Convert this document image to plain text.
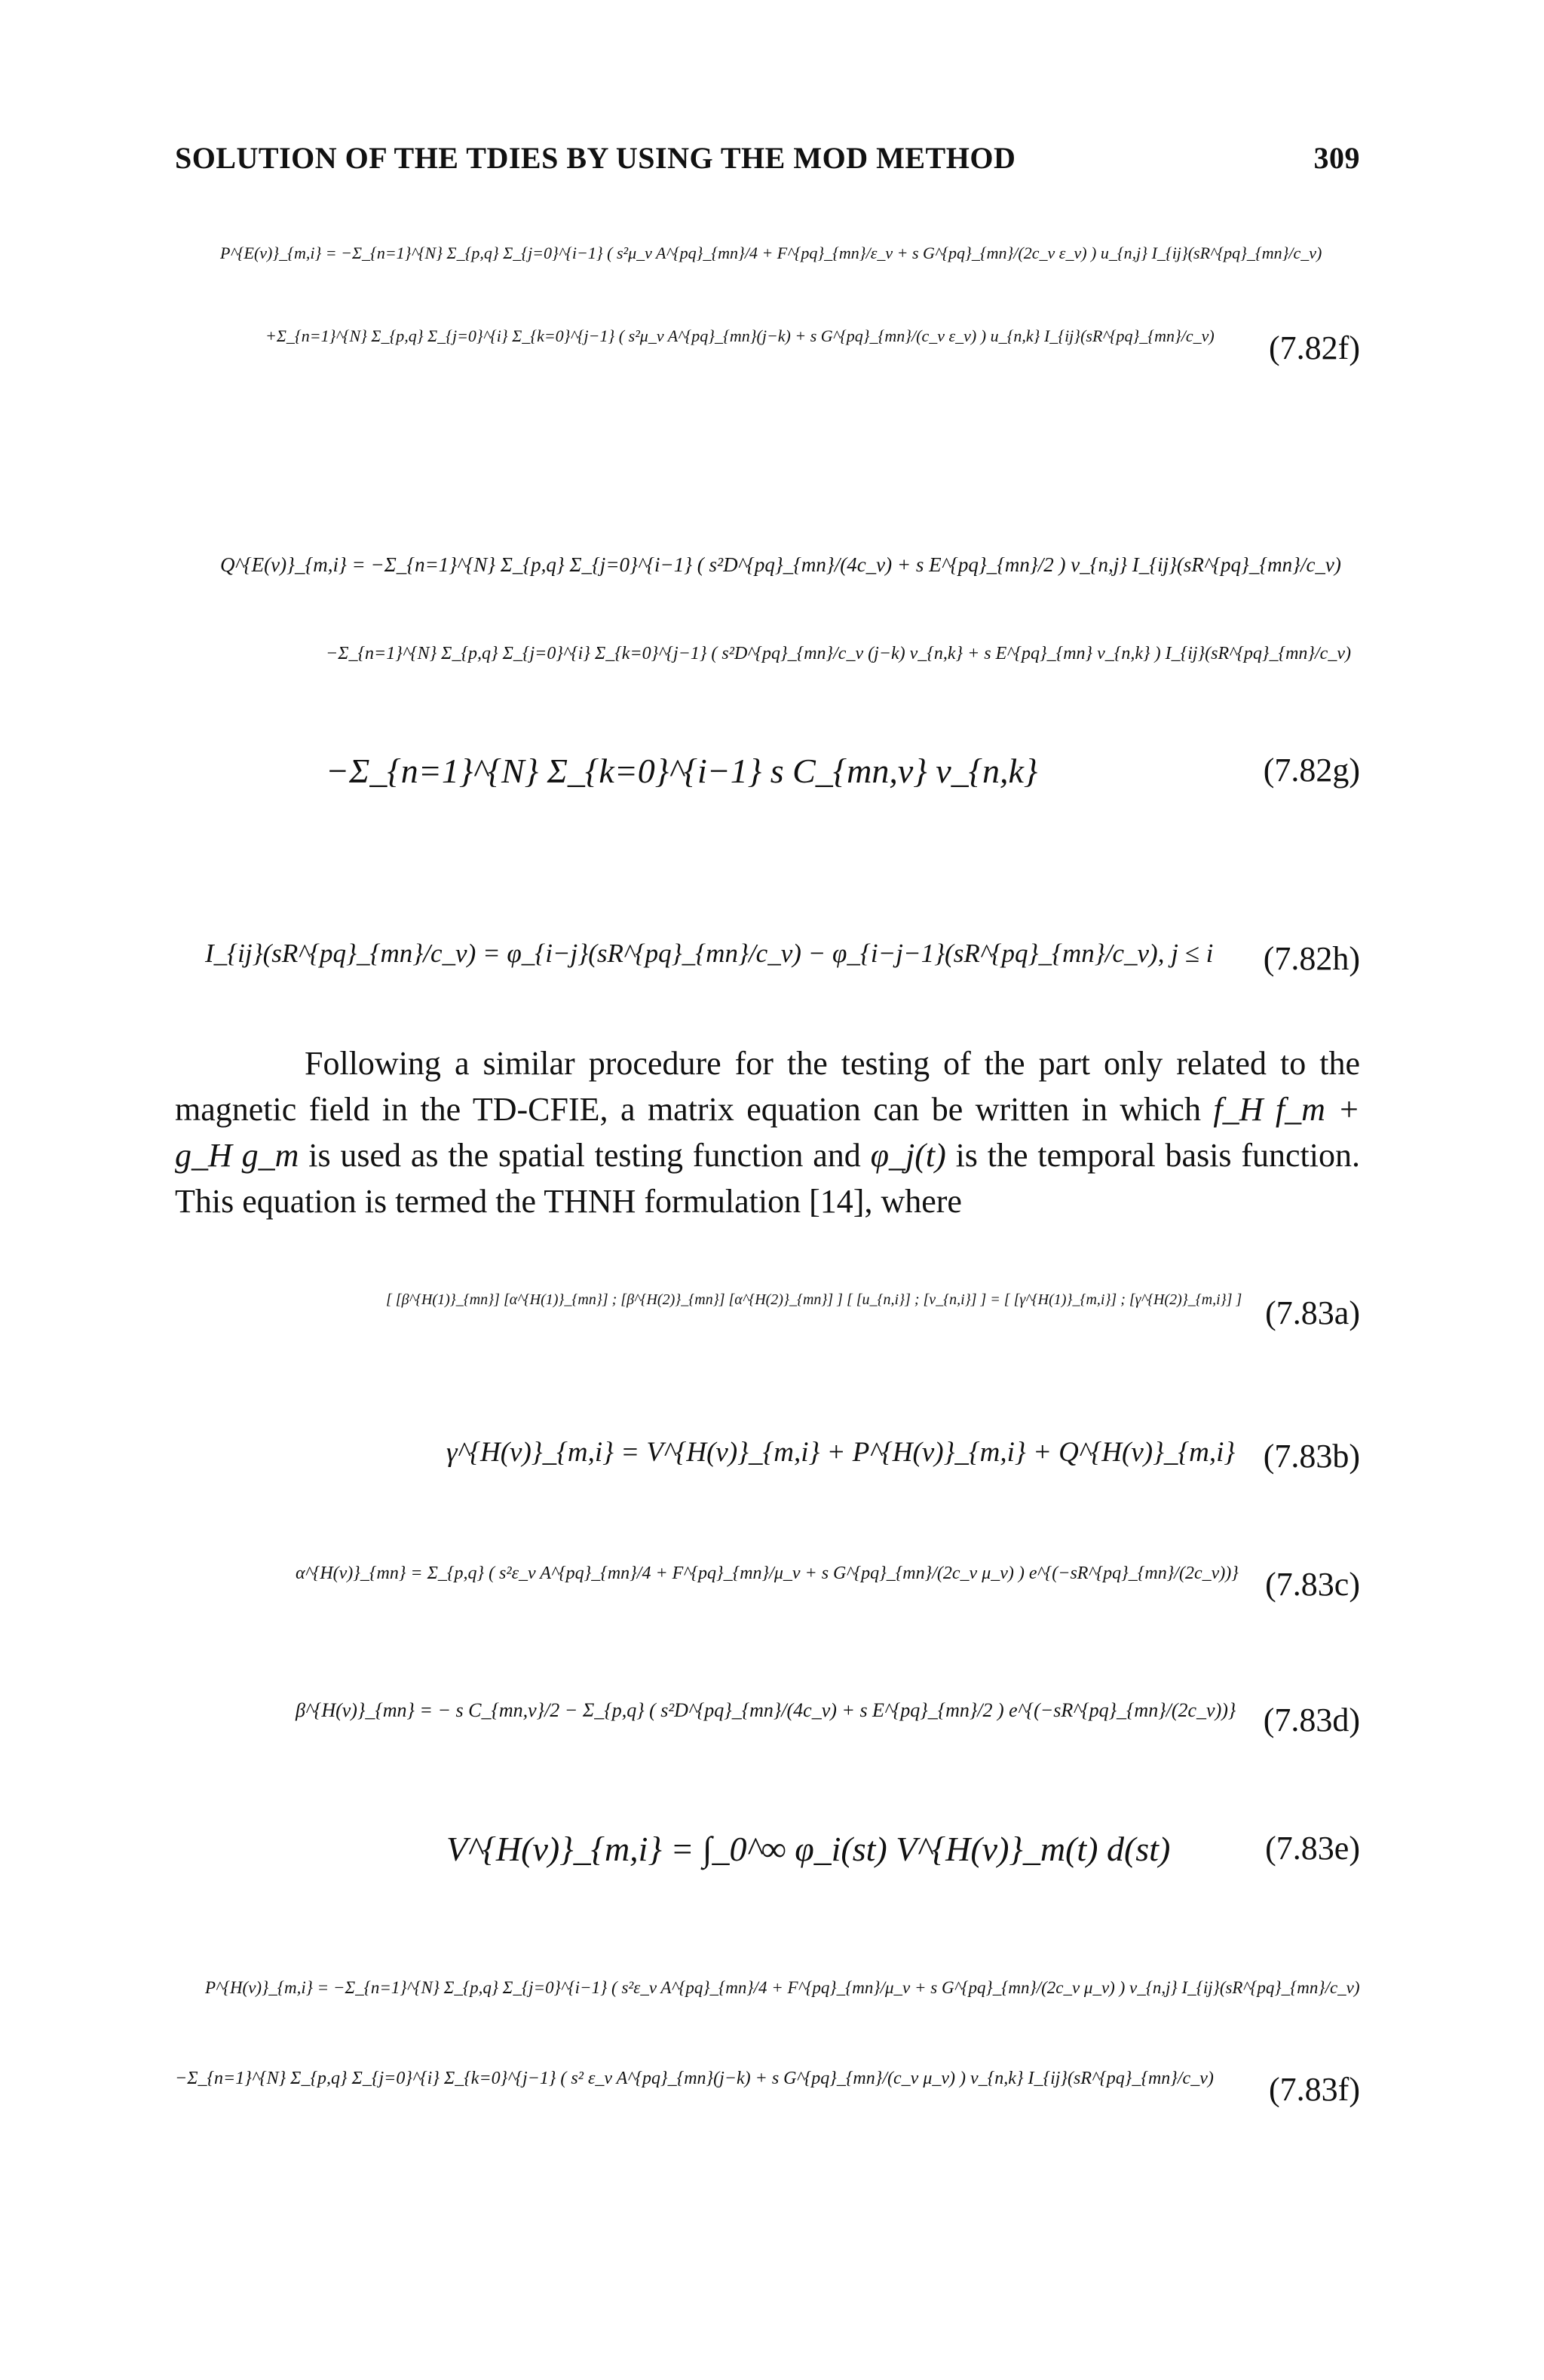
SOLUTION OF THE TDIES BY USING THE MOD METHOD	309
P^{E(v)}_{m,i} = −Σ_{n=1}^{N} Σ_{p,q} Σ_{j=0}^{i−1} ( s²μ_v A^{pq}_{mn}/4 + F^{pq}_{mn}/ε_v + s G^{pq}_{mn}/(2c_v ε_v) ) u_{n,j} I_{ij}(sR^{pq}_{mn}/c_v)
+Σ_{n=1}^{N} Σ_{p,q} Σ_{j=0}^{i} Σ_{k=0}^{j−1} ( s²μ_v A^{pq}_{mn}(j−k) + s G^{pq}_{mn}/(c_v ε_v) ) u_{n,k} I_{ij}(sR^{pq}_{mn}/c_v) (7.82f)
Q^{E(v)}_{m,i} = −Σ_{n=1}^{N} Σ_{p,q} Σ_{j=0}^{i−1} ( s²D^{pq}_{mn}/(4c_v) + s E^{pq}_{mn}/2 ) v_{n,j} I_{ij}(sR^{pq}_{mn}/c_v)
−Σ_{n=1}^{N} Σ_{p,q} Σ_{j=0}^{i} Σ_{k=0}^{j−1} ( s²D^{pq}_{mn}/c_v (j−k) v_{n,k} + s E^{pq}_{mn} v_{n,k} ) I_{ij}(sR^{pq}_{mn}/c_v)
−Σ_{n=1}^{N} Σ_{k=0}^{i−1} s C_{mn,v} v_{n,k}	(7.82g)
I_{ij}(sR^{pq}_{mn}/c_v) = φ_{i−j}(sR^{pq}_{mn}/c_v) − φ_{i−j−1}(sR^{pq}_{mn}/c_v), j ≤ i (7.82h)
Following a similar procedure for the testing of the part only related to the magnetic field in the TD-CFIE, a matrix equation can be written in which f_H f_m + g_H g_m is used as the spatial testing function and φ_j(t) is the temporal basis function. This equation is termed the THNH formulation [14], where
[ [β^{H(1)}_{mn}] [α^{H(1)}_{mn}] ; [β^{H(2)}_{mn}] [α^{H(2)}_{mn}] ] [ [u_{n,i}] ; [v_{n,i}] ] = [ [γ^{H(1)}_{m,i}] ; [γ^{H(2)}_{m,i}] ] (7.83a)
γ^{H(v)}_{m,i} = V^{H(v)}_{m,i} + P^{H(v)}_{m,i} + Q^{H(v)}_{m,i} (7.83b)
α^{H(v)}_{mn} = Σ_{p,q} ( s²ε_v A^{pq}_{mn}/4 + F^{pq}_{mn}/μ_v + s G^{pq}_{mn}/(2c_v μ_v) ) e^{(−sR^{pq}_{mn}/(2c_v))} (7.83c)
β^{H(v)}_{mn} = − s C_{mn,v}/2 − Σ_{p,q} ( s²D^{pq}_{mn}/(4c_v) + s E^{pq}_{mn}/2 ) e^{(−sR^{pq}_{mn}/(2c_v))} (7.83d)
V^{H(v)}_{m,i} = ∫_0^∞ φ_i(st) V^{H(v)}_m(t) d(st)	(7.83e)
P^{H(v)}_{m,i} = −Σ_{n=1}^{N} Σ_{p,q} Σ_{j=0}^{i−1} ( s²ε_v A^{pq}_{mn}/4 + F^{pq}_{mn}/μ_v + s G^{pq}_{mn}/(2c_v μ_v) ) v_{n,j} I_{ij}(sR^{pq}_{mn}/c_v)
−Σ_{n=1}^{N} Σ_{p,q} Σ_{j=0}^{i} Σ_{k=0}^{j−1} ( s² ε_v A^{pq}_{mn}(j−k) + s G^{pq}_{mn}/(c_v μ_v) ) v_{n,k} I_{ij}(sR^{pq}_{mn}/c_v) (7.83f)
